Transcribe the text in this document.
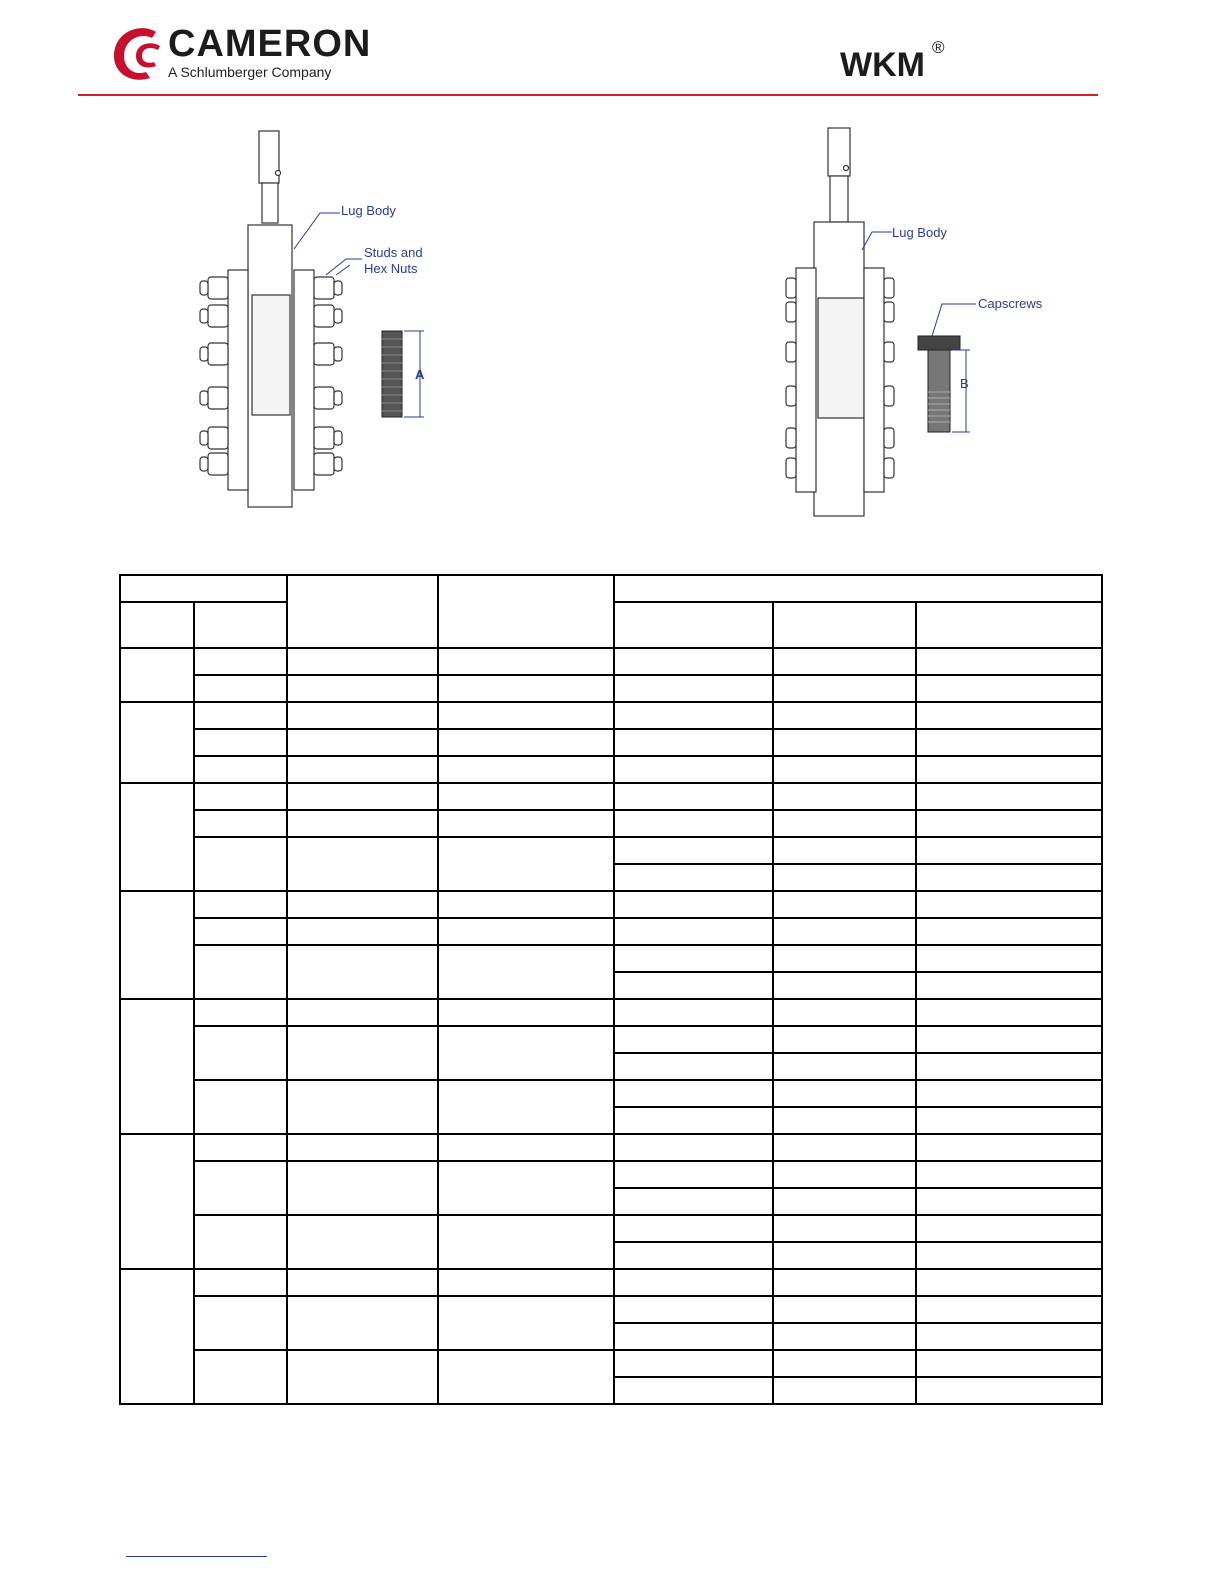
CAMERON
A Schlumberger Company	WKM ®
A
Lug Body
Studs and
Hex Nuts
B
Lug Body
Capscrews
